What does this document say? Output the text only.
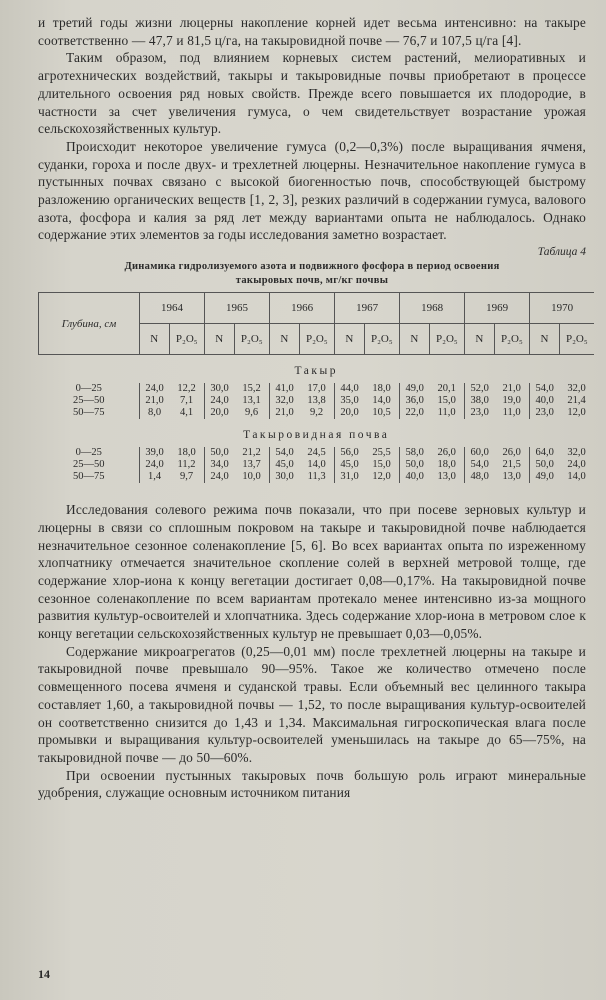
и третий годы жизни люцерны накопление корней идет весьма интенсивно: на такыре соответственно — 47,7 и 81,5 ц/га, на такыровидной почве — 76,7 и 107,5 ц/га [4].

Таким образом, под влиянием корневых систем растений, мелиоративных и агротехнических воздействий, такыры и такыровидные почвы приобретают в процессе длительного освоения ряд новых свойств. Прежде всего повышается их плодородие, в частности за счет увеличения гумуса, о чем свидетельствует возрастание урожая сельскохозяйственных культур.

Происходит некоторое увеличение гумуса (0,2—0,3%) после выращивания ячменя, суданки, гороха и после двух- и трехлетней люцерны. Незначительное накопление гумуса в пустынных почвах связано с высокой биогенностью почв, способствующей быстрому разложению органических веществ [1, 2, 3], резких различий в содержании гумуса, валового азота, фосфора и калия за ряд лет между вариантами опыта не наблюдалось. Однако содержание этих элементов за годы исследования заметно возрастает.

Таблица 4
Динамика гидролизуемого азота и подвижного фосфора в период освоения
такыровых почв, мг/кг почвы
Глубина, см	1964		1965		1966		1967		1968		1969		1970	
	N	P₂O₅	N	P₂O₅	N	P₂O₅	N	P₂O₅	N	P₂O₅	N	P₂O₅	N	P₂O₅
Такыр														
0—25	24,0	12,2	30,0	15,2	41,0	17,0	44,0	18,0	49,0	20,1	52,0	21,0	54,0	32,0
25—50	21,0	7,1	24,0	13,1	32,0	13,8	35,0	14,0	36,0	15,0	38,0	19,0	40,0	21,4
50—75	8,0	4,1	20,0	9,6	21,0	9,2	20,0	10,5	22,0	11,0	23,0	11,0	23,0	12,0
Такыровидная почва														
0—25	39,0	18,0	50,0	21,2	54,0	24,5	56,0	25,5	58,0	26,0	60,0	26,0	64,0	32,0
25—50	24,0	11,2	34,0	13,7	45,0	14,0	45,0	15,0	50,0	18,0	54,0	21,5	50,0	24,0
50—75	1,4	9,7	24,0	10,0	30,0	11,3	31,0	12,0	40,0	13,0	48,0	13,0	49,0	14,0

Исследования солевого режима почв показали, что при посеве зерновых культур и люцерны в связи со сплошным покровом на такыре и такыровидной почве наблюдается незначительное сезонное соленакопление [5, 6]. Во всех вариантах опыта по изреженному хлопчатнику отмечается значительное скопление солей в верхней метровой толще, где содержание хлор-иона к концу вегетации достигает 0,08—0,17%. На такыровидной почве сезонное соленакопление по всем вариантам протекало менее интенсивно из-за мощного развития культур-освоителей и хлопчатника. Здесь содержание хлор-иона в метровом слое к концу вегетации сельскохозяйственных культур не превышает 0,03—0,05%.

Содержание микроагрегатов (0,25—0,01 мм) после трехлетней люцерны на такыре и такыровидной почве превышало 90—95%. Такое же количество отмечено после совмещенного посева ячменя и суданской травы. Если объемный вес целинного такыра составляет 1,60, а такыровидной почвы — 1,52, то после выращивания культур-освоителей он соответственно снизится до 1,43 и 1,34. Максимальная гигроскопическая влага после промывки и выращивания культур-освоителей уменьшилась на такыре до 65—75%, на такыровидной почве — до 50—60%.

При освоении пустынных такыровых почв большую роль играют минеральные удобрения, служащие основным источником питания

14
